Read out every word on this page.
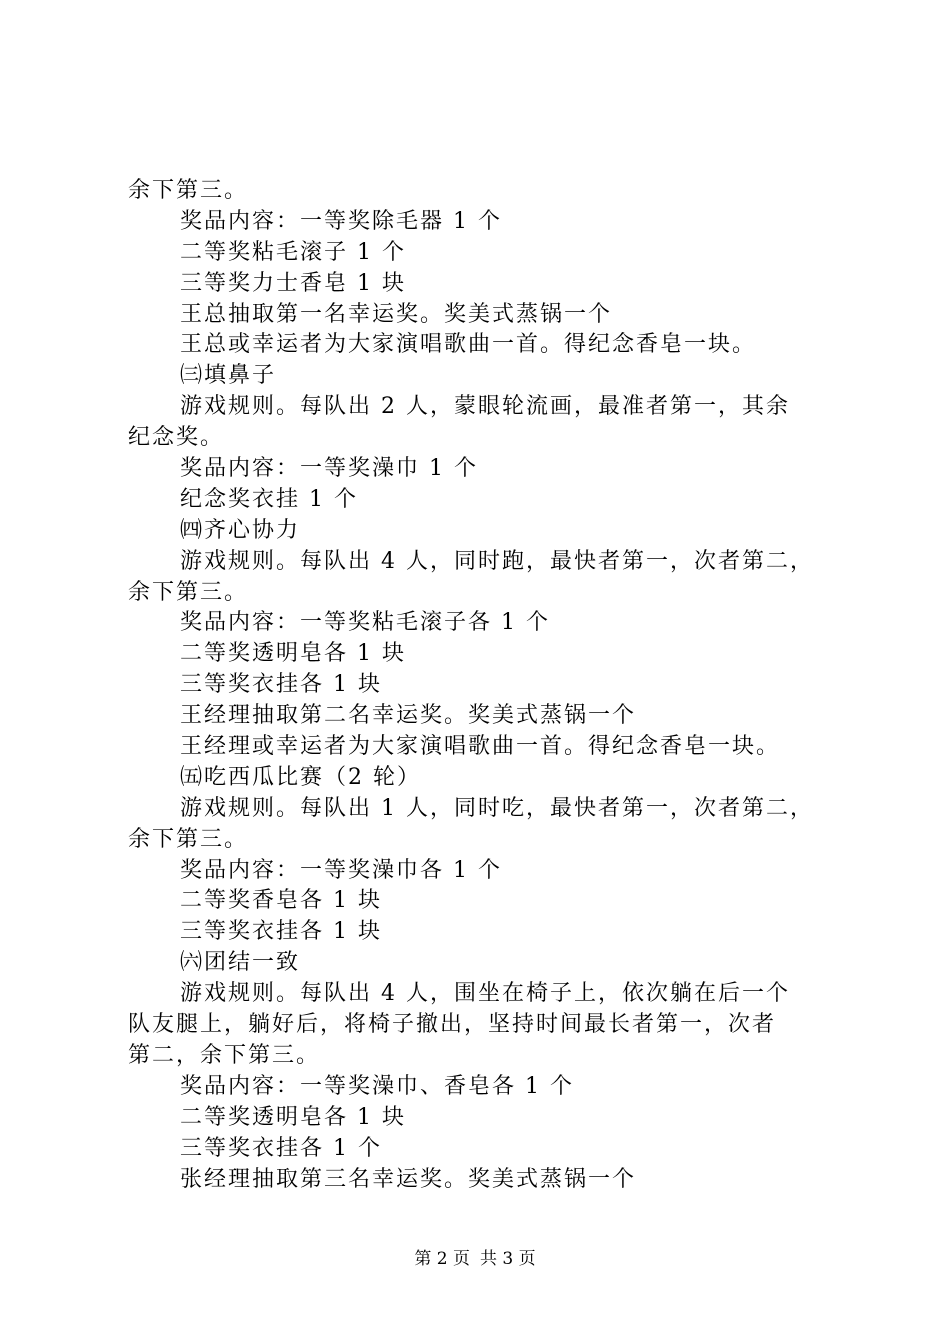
余下第三。
奖品内容：一等奖除毛器 1 个
二等奖粘毛滚子 1 个
三等奖力士香皂 1 块
王总抽取第一名幸运奖。奖美式蒸锅一个
王总或幸运者为大家演唱歌曲一首。得纪念香皂一块。
㈢填鼻子
游戏规则。每队出 2 人，蒙眼轮流画，最准者第一，其余
纪念奖。
奖品内容：一等奖澡巾 1 个
纪念奖衣挂 1 个
㈣齐心协力
游戏规则。每队出 4 人，同时跑，最快者第一，次者第二，
余下第三。
奖品内容：一等奖粘毛滚子各 1 个
二等奖透明皂各 1 块
三等奖衣挂各 1 块
王经理抽取第二名幸运奖。奖美式蒸锅一个
王经理或幸运者为大家演唱歌曲一首。得纪念香皂一块。
㈤吃西瓜比赛（2 轮）
游戏规则。每队出 1 人，同时吃，最快者第一，次者第二，
余下第三。
奖品内容：一等奖澡巾各 1 个
二等奖香皂各 1 块
三等奖衣挂各 1 块
㈥团结一致
游戏规则。每队出 4 人，围坐在椅子上，依次躺在后一个
队友腿上，躺好后，将椅子撤出，坚持时间最长者第一，次者
第二，余下第三。
奖品内容：一等奖澡巾、香皂各 1 个
二等奖透明皂各 1 块
三等奖衣挂各 1 个
张经理抽取第三名幸运奖。奖美式蒸锅一个
第 2 页 共 3 页
